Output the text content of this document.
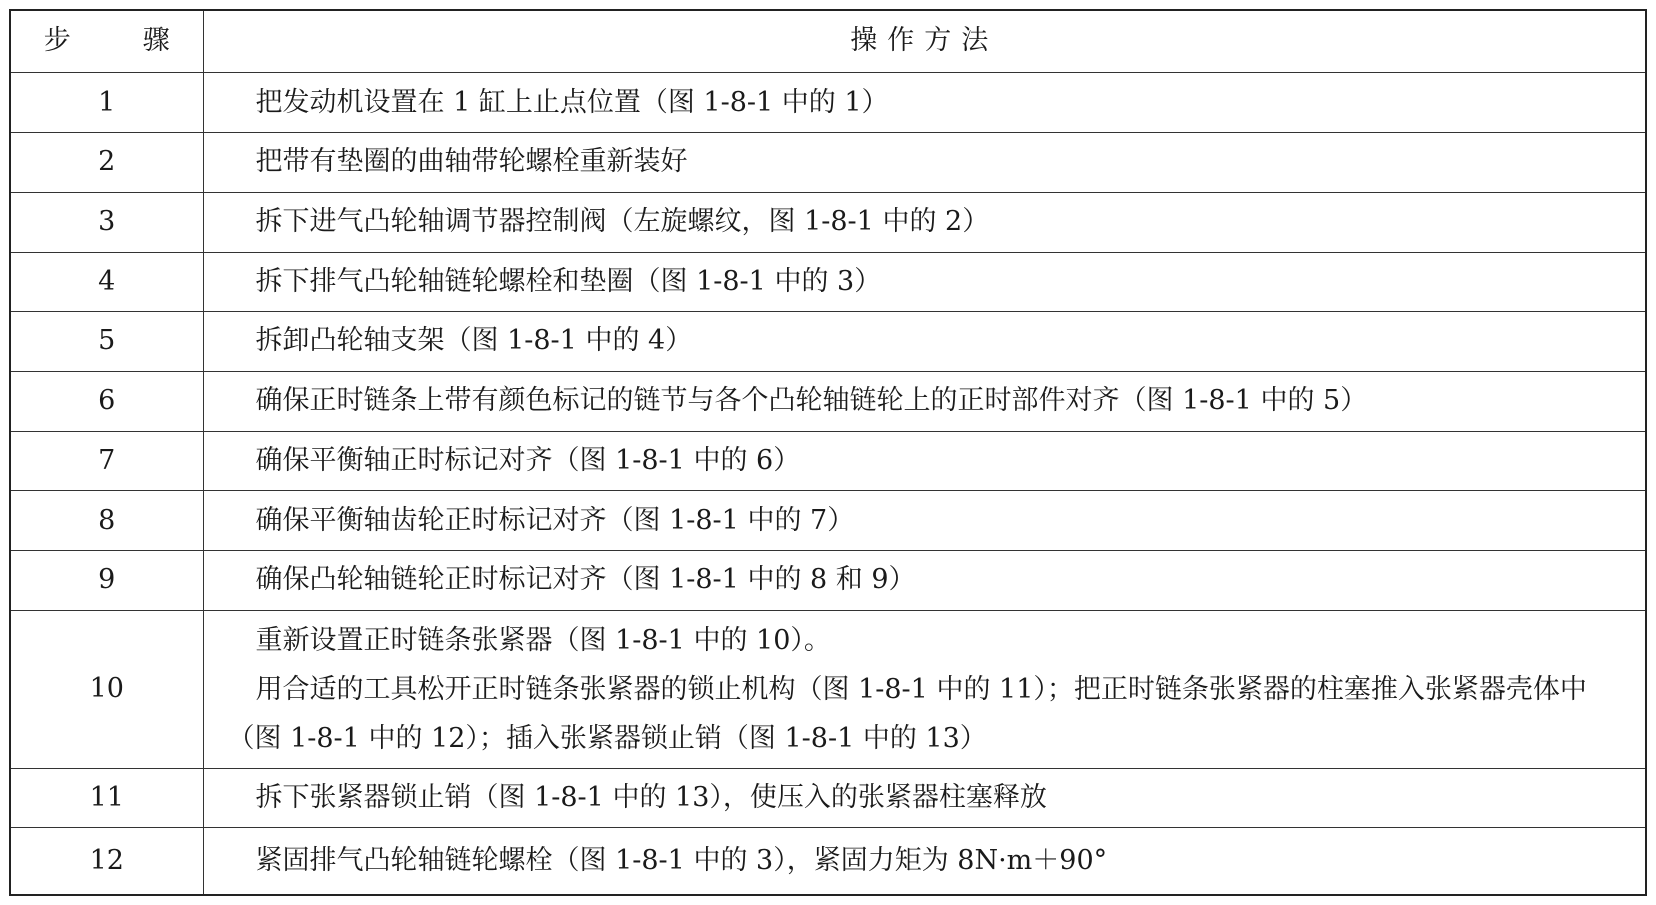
步 骤	操作方法
1	把发动机设置在 1 缸上止点位置（图 1-8-1 中的 1）
2	把带有垫圈的曲轴带轮螺栓重新装好
3	拆下进气凸轮轴调节器控制阀（左旋螺纹，图 1-8-1 中的 2）
4	拆下排气凸轮轴链轮螺栓和垫圈（图 1-8-1 中的 3）
5	拆卸凸轮轴支架（图 1-8-1 中的 4）
6	确保正时链条上带有颜色标记的链节与各个凸轮轴链轮上的正时部件对齐（图 1-8-1 中的 5）
7	确保平衡轴正时标记对齐（图 1-8-1 中的 6）
8	确保平衡轴齿轮正时标记对齐（图 1-8-1 中的 7）
9	确保凸轮轴链轮正时标记对齐（图 1-8-1 中的 8 和 9）
10	重新设置正时链条张紧器（图 1-8-1 中的 10）。

用合适的工具松开正时链条张紧器的锁止机构（图 1-8-1 中的 11）；把正时链条张紧器的柱塞推入张紧器壳体中（图 1-8-1 中的 12）；插入张紧器锁止销（图 1-8-1 中的 13）

11	拆下张紧器锁止销（图 1-8-1 中的 13），使压入的张紧器柱塞释放
12	紧固排气凸轮轴链轮螺栓（图 1-8-1 中的 3），紧固力矩为 8N·m＋90°
